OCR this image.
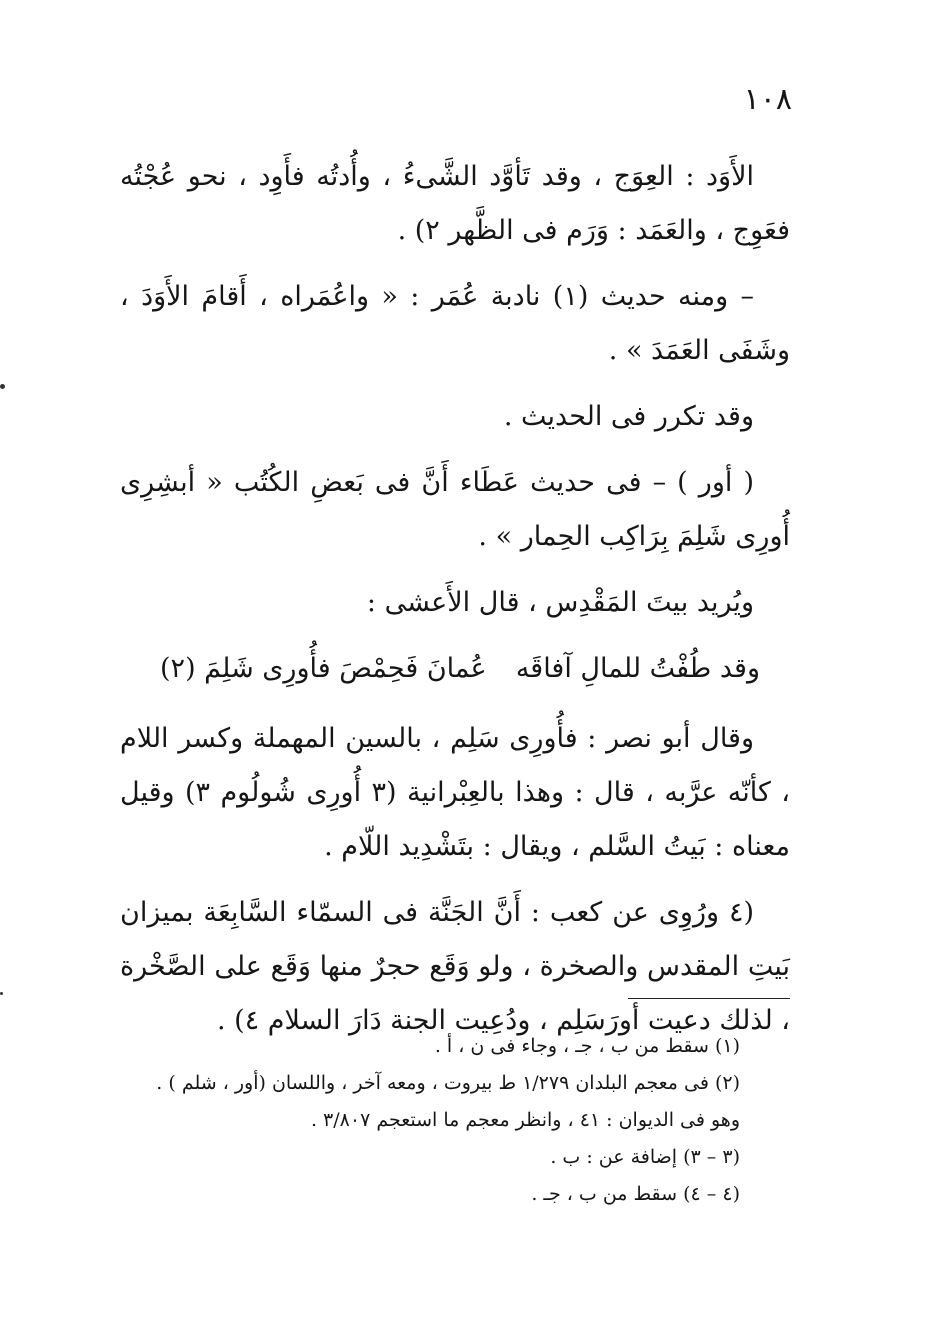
١٠٨

الأَوَد : العِوَج ، وقد تَأوَّد الشَّىءُ ، وأُدتُه فأَوِد ، نحو عُجْتُه فعَوِج ، والعَمَد : وَرَم فى الظَّهر ٢) .

– ومنه حديث (١) نادبة عُمَر : « واعُمَراه ، أَقامَ الأَوَدَ ، وشَفَى العَمَدَ » .

وقد تكرر فى الحديث .

( أور ) – فى حديث عَطَاء أَنَّ فى بَعضِ الكُتُب « أبشِرِى أُورِى شَلِمَ بِرَاكِب الحِمار » .

ويُريد بيتَ المَقْدِس ، قال الأَعشى :

وقد طُفْتُ للمالِ آفاقَه
عُمانَ فَحِمْصَ فأُورِى شَلِمَ (٢)

وقال أبو نصر : فأُورِى سَلِم ، بالسين المهملة وكسر اللام ، كأنّه عرَّبه ، قال : وهذا بالعِبْرانية (٣ أُورِى شُولُوم ٣) وقيل معناه : بَيتُ السَّلم ، ويقال : بتَشْدِيد اللّام .

(٤ ورُوِى عن كعب : أَنَّ الجَنَّة فى السمّاء السَّابِعَة بميزان بَيتِ المقدس والصخرة ، ولو وَقَع حجرٌ منها وَقَع على الصَّخْرة ، لذلك دعيت أورَسَلِم ، ودُعِيت الجنة دَارَ السلام ٤) .

(١) سقط من ب ، جـ ، وجاء فى ن ، أ .
(٢) فى معجم البلدان ١/٢٧٩ ط بيروت ، ومعه آخر ، واللسان (أور ، شلم ) .
وهو فى الديوان : ٤١ ، وانظر معجم ما استعجم ٣/٨٠٧ .
(٣ – ٣) إضافة عن : ب .
(٤ – ٤) سقط من ب ، جـ .
